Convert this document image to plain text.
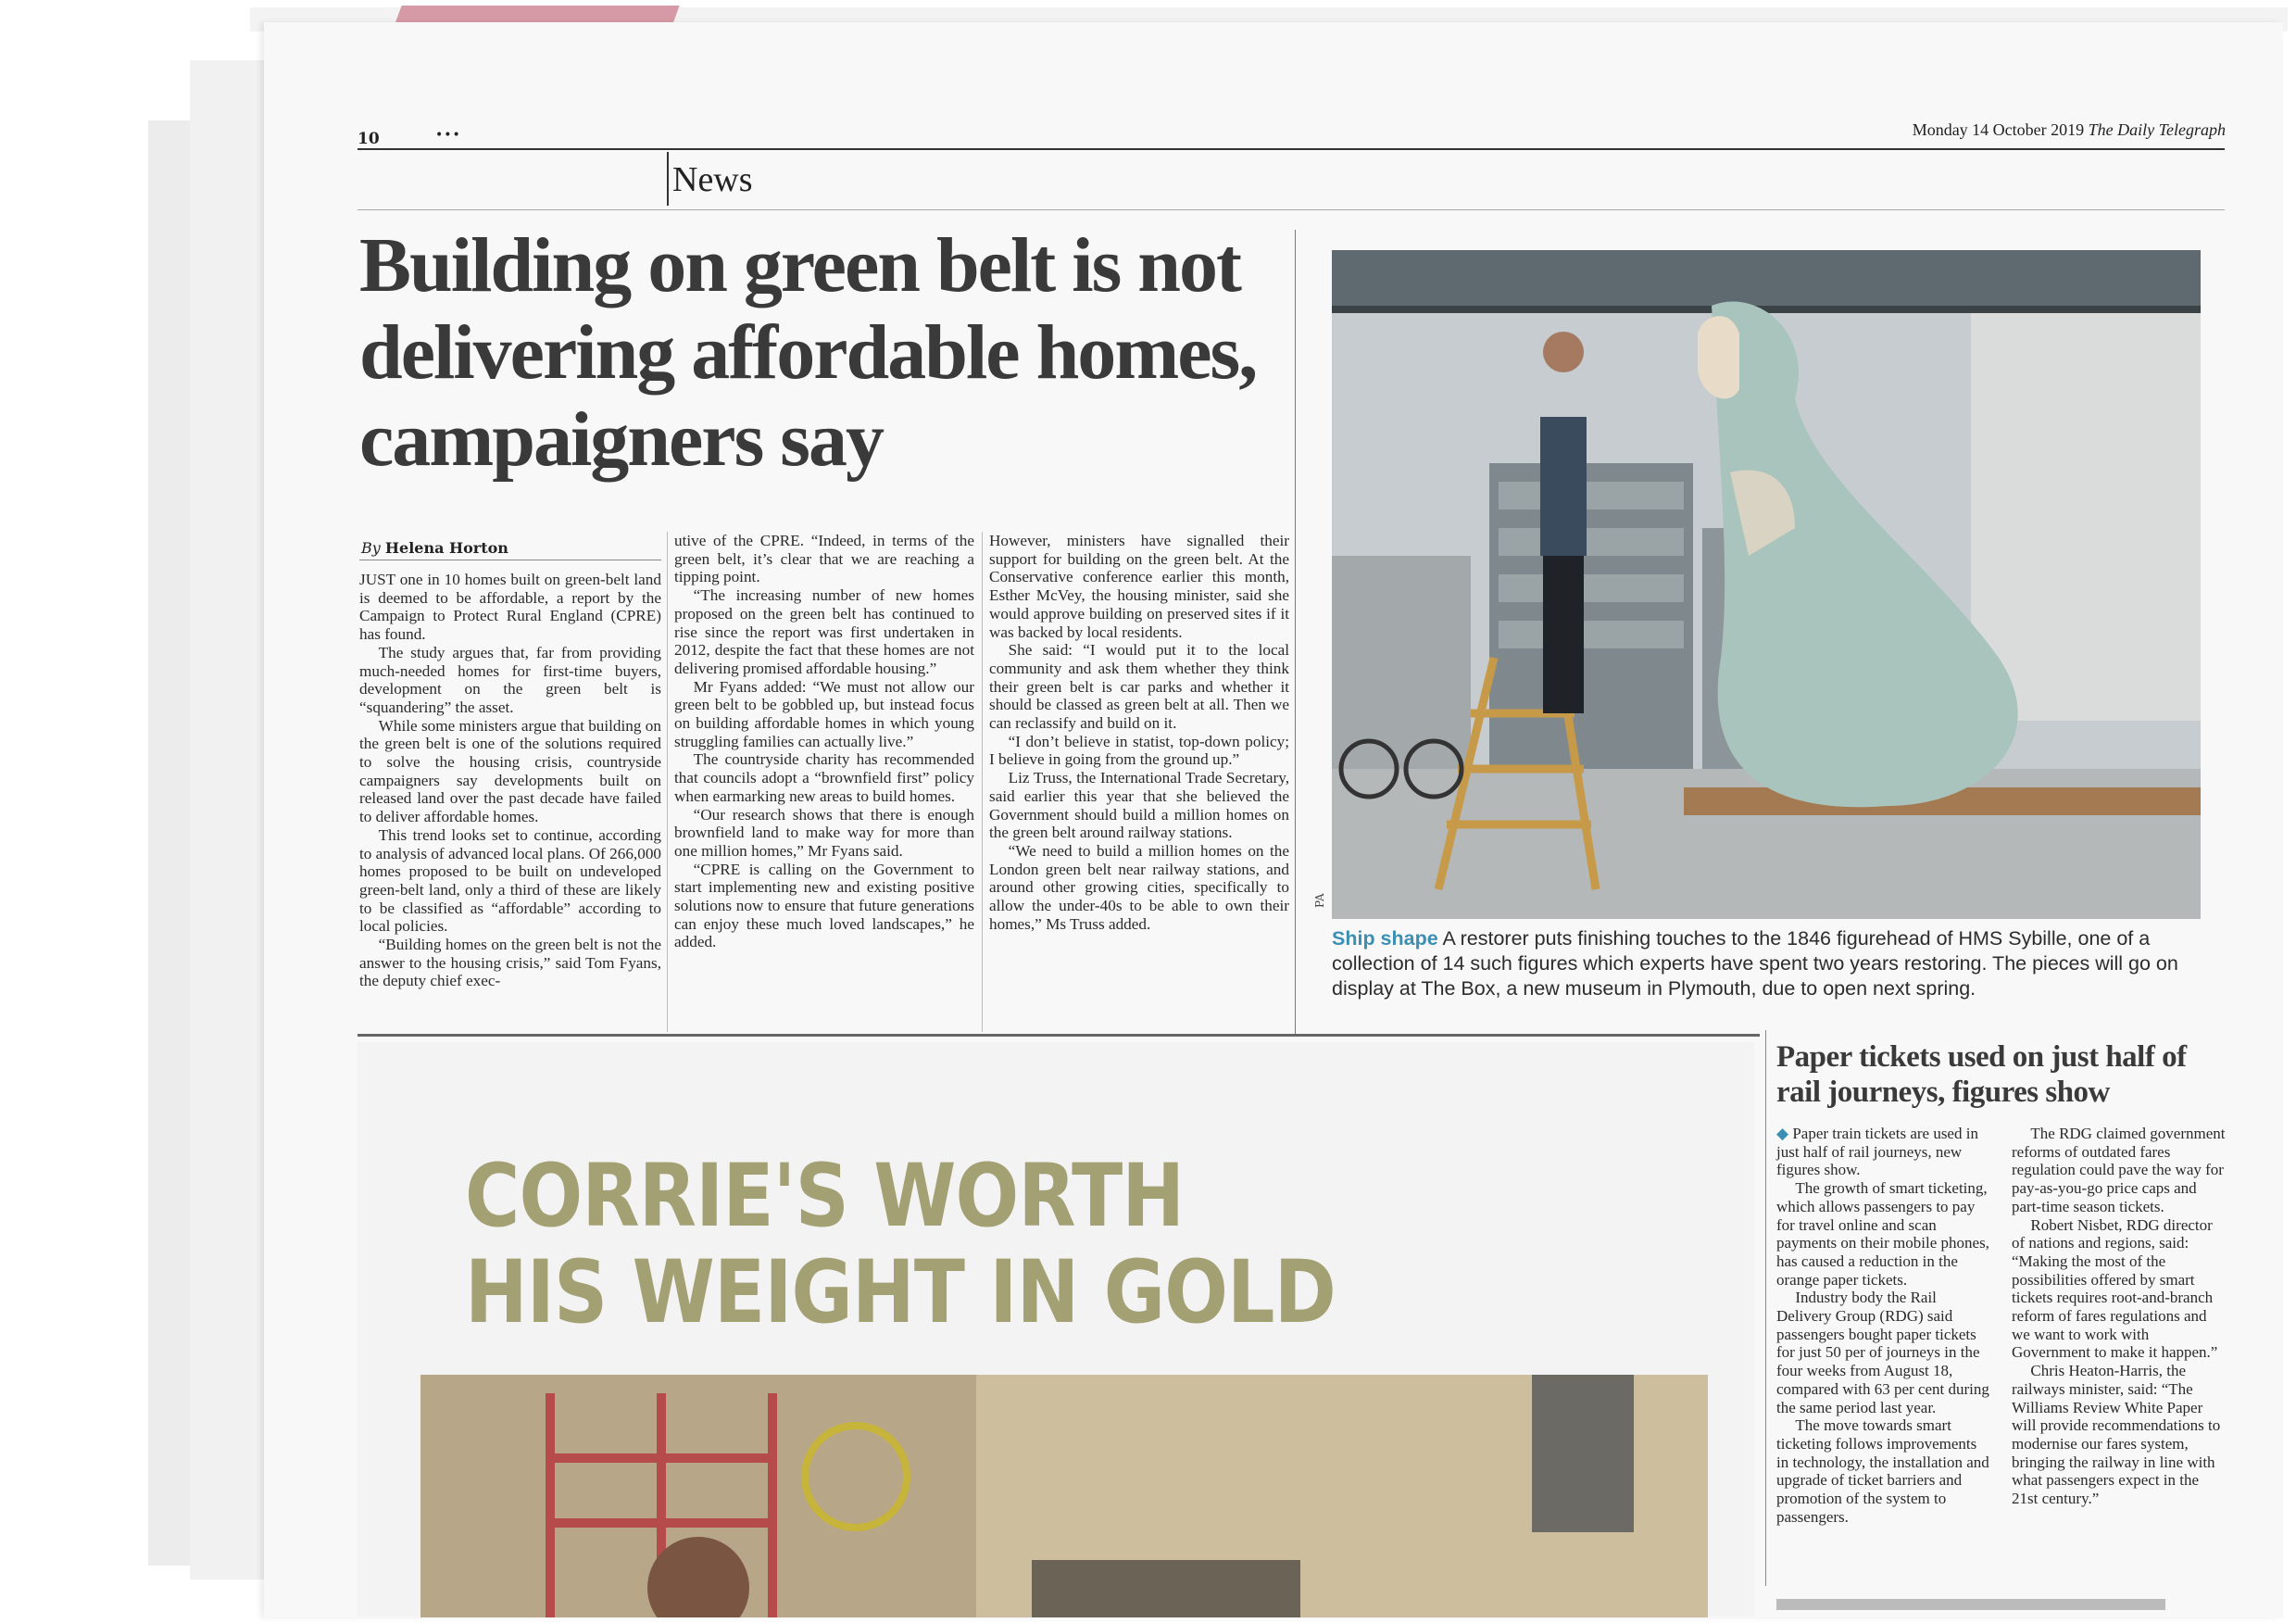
10	•••	Monday 14 October 2019 The Daily Telegraph
News
Building on green belt is not delivering affordable homes, campaigners say
By Helena Horton

JUST one in 10 homes built on green-belt land is deemed to be affordable, a report by the Campaign to Protect Rural England (CPRE) has found.

The study argues that, far from providing much-needed homes for first-time buyers, development on the green belt is “squandering” the asset.

While some ministers argue that building on the green belt is one of the solutions required to solve the housing crisis, countryside campaigners say developments built on released land over the past decade have failed to deliver affordable homes.

This trend looks set to continue, according to analysis of advanced local plans. Of 266,000 homes proposed to be built on undeveloped green-belt land, only a third of these are likely to be classified as “affordable” according to local policies.

“Building homes on the green belt is not the answer to the housing crisis,” said Tom Fyans, the deputy chief exec-

utive of the CPRE. “Indeed, in terms of the green belt, it’s clear that we are reaching a tipping point.

“The increasing number of new homes proposed on the green belt has continued to rise since the report was first undertaken in 2012, despite the fact that these homes are not delivering promised affordable housing.”

Mr Fyans added: “We must not allow our green belt to be gobbled up, but instead focus on building affordable homes in which young struggling families can actually live.”

The countryside charity has recommended that councils adopt a “brownfield first” policy when earmarking new areas to build homes.

“Our research shows that there is enough brownfield land to make way for more than one million homes,” Mr Fyans said.

“CPRE is calling on the Government to start implementing new and existing positive solutions now to ensure that future generations can enjoy these much loved landscapes,” he added.

However, ministers have signalled their support for building on the green belt. At the Conservative conference earlier this month, Esther McVey, the housing minister, said she would approve building on preserved sites if it was backed by local residents.

She said: “I would put it to the local community and ask them whether they think their green belt is car parks and whether it should be classed as green belt at all. Then we can reclassify and build on it.

“I don’t believe in statist, top-down policy; I believe in going from the ground up.”

Liz Truss, the International Trade Secretary, said earlier this year that she believed the Government should build a million homes on the green belt around railway stations.

“We need to build a million homes on the London green belt near railway stations, and around other growing cities, specifically to allow the under-40s to be able to own their homes,” Ms Truss added.

PA
Ship shape A restorer puts finishing touches to the 1846 figurehead of HMS Sybille, one of a collection of 14 such figures which experts have spent two years restoring. The pieces will go on display at The Box, a new museum in Plymouth, due to open next spring.
CORRIE'S WORTH
HIS WEIGHT IN GOLD
Paper tickets used on just half of rail journeys, figures show

◆ Paper train tickets are used in just half of rail journeys, new figures show.

The growth of smart ticketing, which allows passengers to pay for travel online and scan payments on their mobile phones, has caused a reduction in the orange paper tickets.

Industry body the Rail Delivery Group (RDG) said passengers bought paper tickets for just 50 per of journeys in the four weeks from August 18, compared with 63 per cent during the same period last year.

The move towards smart ticketing follows improvements in technology, the installation and upgrade of ticket barriers and promotion of the system to passengers.

The RDG claimed government reforms of outdated fares regulation could pave the way for pay-as-you-go price caps and part-time season tickets.

Robert Nisbet, RDG director of nations and regions, said: “Making the most of the possibilities offered by smart tickets requires root-and-branch reform of fares regulations and we want to work with Government to make it happen.”

Chris Heaton-Harris, the railways minister, said: “The Williams Review White Paper will provide recommendations to modernise our fares system, bringing the railway in line with what passengers expect in the 21st century.”
